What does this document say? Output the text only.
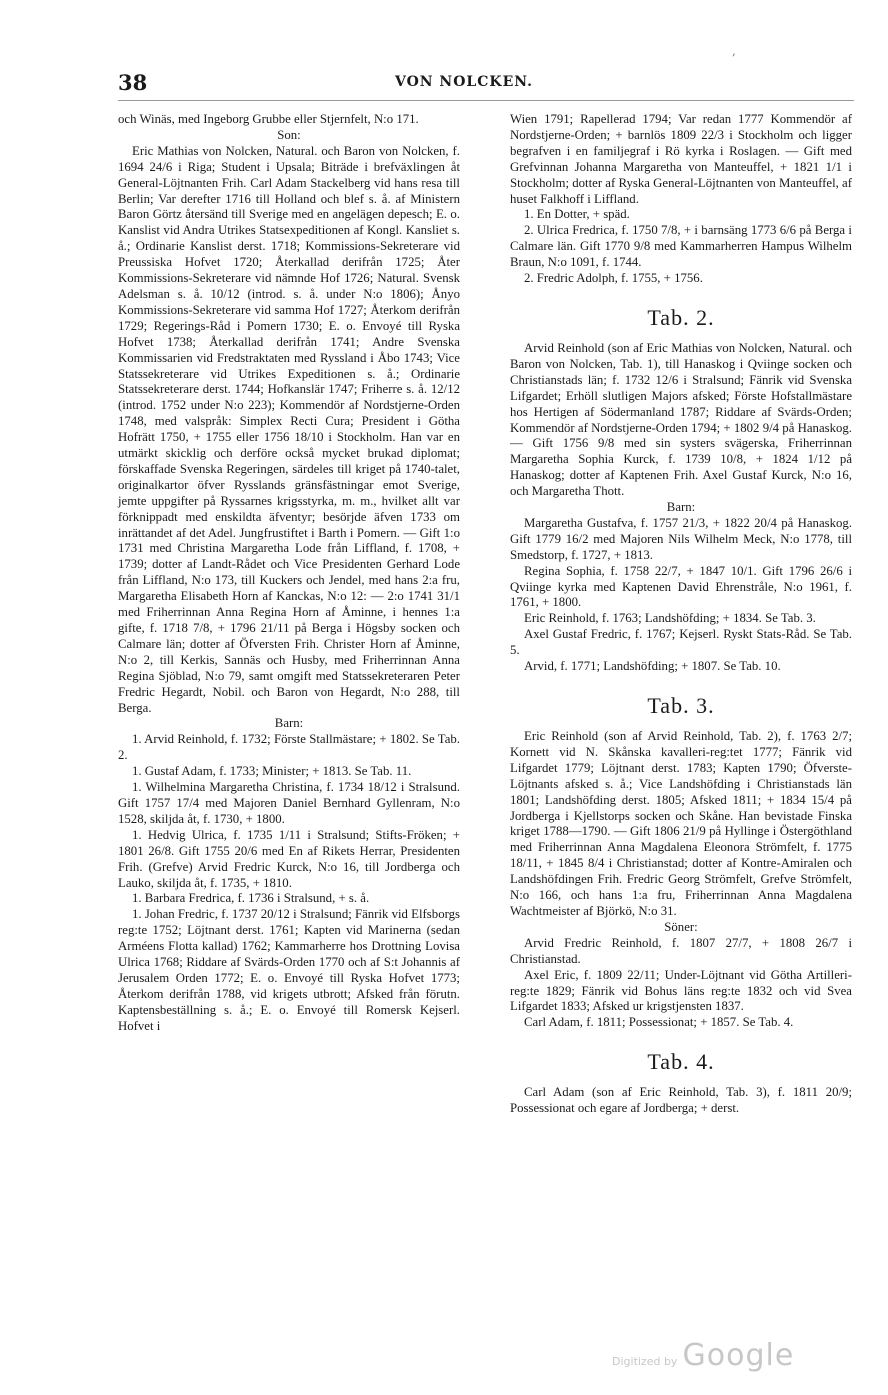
38	VON NOLCKEN.
,

och Winäs, med Ingeborg Grubbe eller Stjernfelt, N:o 171.

Son:

Eric Mathias von Nolcken, Natural. och Baron von Nolcken, f. 1694 24/6 i Riga; Student i Upsala; Biträde i brefväxlingen åt General-Löjtnanten Frih. Carl Adam Stackelberg vid hans resa till Berlin; Var derefter 1716 till Holland och blef s. å. af Ministern Baron Görtz återsänd till Sverige med en angelägen depesch; E. o. Kanslist vid Andra Utrikes Statsexpeditionen af Kongl. Kansliet s. å.; Ordinarie Kanslist derst. 1718; Kommissions-Sekreterare vid Preussiska Hofvet 1720; Återkallad derifrån 1725; Åter Kommissions-Sekreterare vid nämnde Hof 1726; Natural. Svensk Adelsman s. å. 10/12 (introd. s. å. under N:o 1806); Ånyo Kommissions-Sekreterare vid samma Hof 1727; Återkom derifrån 1729; Regerings-Råd i Pomern 1730; E. o. Envoyé till Ryska Hofvet 1738; Återkallad derifrån 1741; Andre Svenska Kommissarien vid Fredstraktaten med Ryssland i Åbo 1743; Vice Statssekreterare vid Utrikes Expeditionen s. å.; Ordinarie Statssekreterare derst. 1744; Hofkanslär 1747; Friherre s. å. 12/12 (introd. 1752 under N:o 223); Kommendör af Nordstjerne-Orden 1748, med valspråk: Simplex Recti Cura; President i Götha Hofrätt 1750, + 1755 eller 1756 18/10 i Stockholm. Han var en utmärkt skicklig och derföre också mycket brukad diplomat; förskaffade Svenska Regeringen, särdeles till kriget på 1740-talet, originalkartor öfver Rysslands gränsfästningar emot Sverige, jemte uppgifter på Ryssarnes krigsstyrka, m. m., hvilket allt var förknippadt med enskildta äfventyr; besörjde äfven 1733 om inrättandet af det Adel. Jungfrustiftet i Barth i Pomern. — Gift 1:o 1731 med Christina Margaretha Lode från Liffland, f. 1708, + 1739; dotter af Landt-Rådet och Vice Presidenten Gerhard Lode från Liffland, N:o 173, till Kuckers och Jendel, med hans 2:a fru, Margaretha Elisabeth Horn af Kanckas, N:o 12: — 2:o 1741 31/1 med Friherrinnan Anna Regina Horn af Åminne, i hennes 1:a gifte, f. 1718 7/8, + 1796 21/11 på Berga i Högsby socken och Calmare län; dotter af Öfversten Frih. Christer Horn af Åminne, N:o 2, till Kerkis, Sannäs och Husby, med Friherrinnan Anna Regina Sjöblad, N:o 79, samt omgift med Statssekreteraren Peter Fredric Hegardt, Nobil. och Baron von Hegardt, N:o 288, till Berga.

Barn:

1. Arvid Reinhold, f. 1732; Förste Stallmästare; + 1802. Se Tab. 2.

1. Gustaf Adam, f. 1733; Minister; + 1813. Se Tab. 11.

1. Wilhelmina Margaretha Christina, f. 1734 18/12 i Stralsund. Gift 1757 17/4 med Majoren Daniel Bernhard Gyllenram, N:o 1528, skiljda åt, f. 1730, + 1800.

1. Hedvig Ulrica, f. 1735 1/11 i Stralsund; Stifts-Fröken; + 1801 26/8. Gift 1755 20/6 med En af Rikets Herrar, Presidenten Frih. (Grefve) Arvid Fredric Kurck, N:o 16, till Jordberga och Lauko, skiljda åt, f. 1735, + 1810.

1. Barbara Fredrica, f. 1736 i Stralsund, + s. å.

1. Johan Fredric, f. 1737 20/12 i Stralsund; Fänrik vid Elfsborgs reg:te 1752; Löjtnant derst. 1761; Kapten vid Marinerna (sedan Arméens Flotta kallad) 1762; Kammarherre hos Drottning Lovisa Ulrica 1768; Riddare af Svärds-Orden 1770 och af S:t Johannis af Jerusalem Orden 1772; E. o. Envoyé till Ryska Hofvet 1773; Återkom derifrån 1788, vid krigets utbrott; Afsked från förutn. Kaptensbeställning s. å.; E. o. Envoyé till Romersk Kejserl. Hofvet i

Wien 1791; Rapellerad 1794; Var redan 1777 Kommendör af Nordstjerne-Orden; + barnlös 1809 22/3 i Stockholm och ligger begrafven i en familjegraf i Rö kyrka i Roslagen. — Gift med Grefvinnan Johanna Margaretha von Manteuffel, + 1821 1/1 i Stockholm; dotter af Ryska General-Löjtnanten von Manteuffel, af huset Falkhoff i Liffland.

1. En Dotter, + späd.

2. Ulrica Fredrica, f. 1750 7/8, + i barnsäng 1773 6/6 på Berga i Calmare län. Gift 1770 9/8 med Kammarherren Hampus Wilhelm Braun, N:o 1091, f. 1744.

2. Fredric Adolph, f. 1755, + 1756.

Tab. 2.

Arvid Reinhold (son af Eric Mathias von Nolcken, Natural. och Baron von Nolcken, Tab. 1), till Hanaskog i Qviinge socken och Christianstads län; f. 1732 12/6 i Stralsund; Fänrik vid Svenska Lifgardet; Erhöll slutligen Majors afsked; Förste Hofstallmästare hos Hertigen af Södermanland 1787; Riddare af Svärds-Orden; Kommendör af Nordstjerne-Orden 1794; + 1802 9/4 på Hanaskog. — Gift 1756 9/8 med sin systers svägerska, Friherrinnan Margaretha Sophia Kurck, f. 1739 10/8, + 1824 1/12 på Hanaskog; dotter af Kaptenen Frih. Axel Gustaf Kurck, N:o 16, och Margaretha Thott.

Barn:

Margaretha Gustafva, f. 1757 21/3, + 1822 20/4 på Hanaskog. Gift 1779 16/2 med Majoren Nils Wilhelm Meck, N:o 1778, till Smedstorp, f. 1727, + 1813.

Regina Sophia, f. 1758 22/7, + 1847 10/1. Gift 1796 26/6 i Qviinge kyrka med Kaptenen David Ehrenstråle, N:o 1961, f. 1761, + 1800.

Eric Reinhold, f. 1763; Landshöfding; + 1834. Se Tab. 3.

Axel Gustaf Fredric, f. 1767; Kejserl. Ryskt Stats-Råd. Se Tab. 5.

Arvid, f. 1771; Landshöfding; + 1807. Se Tab. 10.

Tab. 3.

Eric Reinhold (son af Arvid Reinhold, Tab. 2), f. 1763 2/7; Kornett vid N. Skånska kavalleri-reg:tet 1777; Fänrik vid Lifgardet 1779; Löjtnant derst. 1783; Kapten 1790; Öfverste-Löjtnants afsked s. å.; Vice Landshöfding i Christianstads län 1801; Landshöfding derst. 1805; Afsked 1811; + 1834 15/4 på Jordberga i Kjellstorps socken och Skåne. Han bevistade Finska kriget 1788—1790. — Gift 1806 21/9 på Hyllinge i Östergöthland med Friherrinnan Anna Magdalena Eleonora Strömfelt, f. 1775 18/11, + 1845 8/4 i Christianstad; dotter af Kontre-Amiralen och Landshöfdingen Frih. Fredric Georg Strömfelt, Grefve Strömfelt, N:o 166, och hans 1:a fru, Friherrinnan Anna Magdalena Wachtmeister af Björkö, N:o 31.

Söner:

Arvid Fredric Reinhold, f. 1807 27/7, + 1808 26/7 i Christianstad.

Axel Eric, f. 1809 22/11; Under-Löjtnant vid Götha Artilleri-reg:te 1829; Fänrik vid Bohus läns reg:te 1832 och vid Svea Lifgardet 1833; Afsked ur krigstjensten 1837.

Carl Adam, f. 1811; Possessionat; + 1857. Se Tab. 4.

Tab. 4.

Carl Adam (son af Eric Reinhold, Tab. 3), f. 1811 20/9; Possessionat och egare af Jordberga; + derst.

Digitized by Google
